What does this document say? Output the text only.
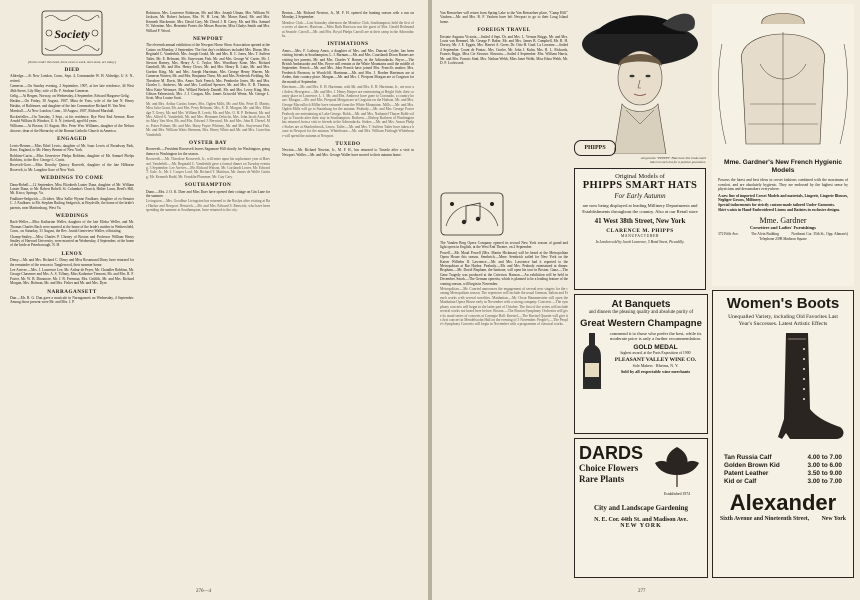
Society
[Notice under this head, these cases a week, mini-mum, are today.]
DIED
Aldredge.—At New London, Conn., Sept. 4, Commander W. H. Aldredge, U. S. N., retired.
Cameron.—On Sunday evening, 2 September, 1907, at her late residence, 44 West 46th Street, Lily May, wife of Dr. F. Seabran Cameron.
Gelig.—At Bergen, Norway, on Wednesday, 4 September, Edward Hargrave Gelig.
Haskin.—On Friday, 30 August, 1907, Mina de Yons, wife of the late N. Henry Haskin, of Baltimore, and daughter of the late Commodore Richard H. Van Nest.
Marshall.—At New London, Conn., 30 August, 1907, Richard Marshall.
Rockerfeller.—On Tuesday, 3 Sept., at his residence, Rye West End Avenue, Rose Arnold Wilkins & Windsor, U. S. N. (retired), aged 64 years.
Williams.—At Boston, 31 August, Mrs. Peter Wm. Williams, daughter of the Nelson diocese, dean of the Hierarchy of the Roman Catholic Church in America.
ENGAGED
Lewis-Benner.—Miss Ethel Lewis, daughter of Mr. Isaac Lewis of Broadway Park, Kent, England, to Mr. Henry Benner of New York.
Robbins-Curtis.—Miss Genevieve Phelps Robbins, daughter of Mr. Samuel Phelps Robbins, to the Rev. George L. Curtis.
Rosevelt-Gore.—Miss Dorothy Quincy Rosevelt, daughter of the late Hilborne Rosevelt, to Mr. Langdon Gore of New York.
WEDDINGS TO COME
Dana-Bobell.—12 September, Miss Elizabeth Lanier Dana, daughter of Mr. William Lanier Dana, to Mr. Robert Bobell, St. Columba's Church, Hither Lawn, Reed's Hill, Mt. Kisco, Springs, Va.
Faulkner-Sedgwick.—October, Miss Sallie Wynne Faulkner, daughter of ex-Senator C. J. Faulkner, to Mr. Stephen Rutling Sedgwick, at Boydville, the home of the bride's parents, near Martinsburg, West Va.
WEDDINGS
Bach-Weller.—Miss Katharine Weller, daughter of the late Elisha Weller, and Mr. Thomas Charles Bach were married at the home of the bride's mother in Wethersfield, Conn., on Saturday, 31 August, the Rev. Josiah Genevieve Waller, officiating.
Champ-Smiley.—Miss Charles P. Cheney of Boston and Professor William Henry Smiley of Harvard University, were married on Wednesday, 4 September, at the home of the bride at Peterborough, N. H.
LENOX
Dinsy.—Mr. and Mrs. Richard C. Dinsy and Miss Rosamund Dinsy have returned for the remainder of the season to Tanglewood, their summer home.
Lee Arriver.—Mrs. J. Lawrence Lee, Mr. Arthur de Peyer, Mr. Chandler Robbins, Mr. George Chasemer and Mrs. A. S. Tiffany, Miss Katherine Tiemont, Mr. and Mrs. R. F. Foster, Mr. W. B. Dinsmore, Mr. J. B. Freeman, Mrs. Griffith, Mr. and Mrs. Richard Morgan, Mrs. Hofman, Mr. and Mrs. Fisher and Mr. and Mrs. Dyer.
NARRAGANSETT
Dun.—Mr. R. G. Dun gave a musicale in Narragansett on Wednesday, 4 September. Among those present were Mr. and Mrs. J. P.
Robinson, Mrs. Lawrence Robinson, Mr. and Mrs. Joseph Ulman, Mrs. William W. Jackson, Mr. Robert Jackson, Mrs. W. H. Lent, Mr. Moses Rand, Mr. and Mrs. Kenneth Mackenzie, Mrs. David Cary, Mr. David J. B. Carey, Mr. and Mrs. Samuel N. Valentine, Mrs. Henriette Porter, the Misses Bouvier, Miss Gladys Smith and Mrs. Willard F. Wood.
NEWPORT
The eleventh annual exhibition of the Newport Horse Show Association opened at the Casino on Monday, 2 September. The first day's exhibitors included Mrs. Dinan, Mrs. Reginald C. Vanderbilt, Mrs. Joseph Gould, Mr. and Mrs. R. C. Jones, Mrs. T. Suffern Tailer, Mr. E. Belmont, Mr. Stuyvesant Fish, Mr. and Mrs. George W. Carter, Mr. J. Stewart Barney, Mrs. Henry A. C. Taylor, Mrs. Woodbury Kane, Mrs. Richard Gambrill, Mr. and Mrs. Henry Clews, Mr. and Mrs. Henry R. Luke, Mr. and Mrs. Gordon King, Mr. and Mrs. Joseph Harriman, Mrs. George Henry Warren, Mr. Cameron Warren, Mr. and Mrs. Benjamin Thaw, Mr. and Mrs. Frederick Fielding, Mr. Theodore M. Davis, Mrs. Amos Tuck French, Mrs. Pembroke Jones, Mr. and Mrs. Charles L. Andrews, Mr. and Mrs. Lorillard Spencer, Mr. and Mrs. E. R. Thomas, Miss Katie Wetmore, Mrs. Willard Berkely Daniell, Mr. and Mrs. Leroy King, Mrs. Gibson Fahnestock, Mrs. J. J. Coogan, Mrs. James Griswold Wentz, Mr. George L. Scott, Miss Louise Scott.
Mr. and Mrs. Arthur Curtiss James, Mrs. Ogden Mills, Mr. and Mrs. Peter D. Martin, Miss Julia Grant, Mr. and Mrs. Perry Belmont, Mrs. E. D. Morgan, Mr. and Mrs. Elbridge T. Gerry, Mr. and Mrs. William B. Leeds, Mr. and Mrs. O. H. P. Belmont, Mr. and Mrs. Alfred G. Vanderbilt, Mr. and Mrs. Hermann Oelrichs, Mrs. John Jacob Astor, Miss Mary Van Alen, Mr. and Mrs. Edward J. Berwind, Mr. and Mrs. John R. Drexel, Mrs. Potter Palmer, Mr. and Mrs. Harry Payne Whitney, Mr. and Mrs. Stuyvesant Fish, Mr. and Mrs. William Watts Sherman, Mrs. Henry White and Mr. and Mrs. Cornelius Vanderbilt.
OYSTER BAY
Roosevelt.—President Roosevelt leaves Sagamore Hill shortly for Washington, going thence to Washington for the season.
Roosevelt.—Mr. Theodore Roosevelt, Jr., will enter upon his sophomore year at Harvard. Vanderbilt.—Mr. Reginald C. Vanderbilt gave a formal dinner on Tuesday evening, 3 September. Lee Arriver.—Mr. Richard Watson, Mr. Cortlandt Lower, Mr. Edward T. Gale, Jr., Mr. J. Cooper Lord, Mr. Richard T. Mattison, Mr. James de Wolfe Cutting, Mr. Kenneth Budd, Mr. Franklin Plummer, Mr. Guy Cary.
SOUTHAMPTON
Dunn.—Mrs. J. O. K. Duer and Miss Duer have opened their cottage on Gin Lane for the summer.
Livingston.—Mrs. Goodhue Livingston has returned to the Roslyn after visiting at Bar Harbor and Newport. Renwick.—Mr. and Mrs. Edward S. Renwick, who have been spending the summer at Southampton, have returned to the city.
Benton.—Mr. Richard Newton, Jr., M. F. H. opened the hunting season with a run on Monday, 2 September.
Meadow Club.—Last Saturday afternoon the Meadow Club, Southampton, held the first of a series of dances. Harrison.—Miss Ruth Harrison was the guest of Mrs. Gerald Redmond at Seaside. Carroll.—Mr. and Mrs. Royal Phelps Carroll are at their camp in the Adirondacks.
INTIMATIONS
Amos.—Mrs. F. Lothrop Amos, a daughter of Mrs. and Mrs. Duncan Cryder, has been visiting friends in Southampton, L. I. Barnum.—Mr. and Mrs. Courtlandt Dixon Barnes are visiting her parents, Mr. and Mrs. Charles Y. Barney, in the Adirondacks. Bryce.—The British Ambassador and Mrs. Bryce will remain at the White Mountains until the middle of September. French.—Mr. and Mrs. John French have joined Mrs. French's mother, Mrs. Frederick Bronson, in Woodcliff. Harriman.—Mr. and Mrs. J. Borden Harriman are at Arden, their country place. Morgan.—Mr. and Mrs. J. Pierpont Morgan are at Cragston for the month of September.
Harriman.—Mr. and Mrs. E. H. Harriman, with Mr. and Mrs. E. H. Harriman, Jr., are now at Arden. Hesegrave.—Mr. and Mrs. J. Henry Harper are entertaining at Bright Side, their country place in Lawrence, L. I. Mr. and Mrs. Ambrose have gone to Coronado, a country house. Morgan.—Mr. and Mrs. Pierpont Morgan are at Cragston on the Hudson. Mr. and Mrs. George Macculloch Miller have returned from the White Mountains. Mills.—Mr. and Mrs. Ogden Mills will go to Staatsburg for the autumn. Peabody.—Mr. and Mrs. George Foster Peabody are entertaining at Lake George. Robb.—Mr. and Mrs. Nathaniel Thayer Robb will go to Tuxedo after their stay in Southampton. Ruthven.—Bishop Ruthven of Washington has returned from a visit to friends in the Adirondacks. Stokes.—Mr. and Mrs. Anson Phelps Stokes are at Shadowbrook, Lenox. Tailer.—Mr. and Mrs. T. Suffern Tailer have taken a house in Newport for the autumn. Whitehouse.—Mr. and Mrs. William Fitzhugh Whitehouse will spend the autumn at Newport.
TUXEDO
Newton.—Mr. Richard Newton, Jr., M. F. H., has returned to Tuxedo after a visit in Newport. Waller.—Mr. and Mrs. George Waller have moved to their autumn home.
276—4
Van Rensselaer will return from Spring Lake to the Van Rensselaer place, "Camp Hill." Vaulsen.—Mr. and Mrs. R. F. Vaulsen have left Newport to go to their Long Island home.
FOREIGN TRAVEL
Eristate Augusta Victoria.—Sailed 4 Sept. Dr. and Mrs. L. Vernon Briggs, Mr. and Mrs. Louis van Bemmel, Mr. George F. Baker, Mr. and Mrs. James B. Campbell, Mr. R. H. Dorsey, Mr. J. E. Eggett, Mrs. Harriet A. Greer, Dr. Otto H. Grad. La Lorraine.—Sailed 4 September. Count de Pontac, Mrs. Goeler, Mr. John J. Kuhn, Mrs. R. L. Richards, Francis Riggs, Miss Cie Sirosser. Slavonia.—Sailed 4 September. Mrs. William Harris, Mr. and Mrs. Francis Sind, Mrs. Nathan Webb, Miss Janet Webb, Miss Edna Webb, Mr. D. F. Lockwood.
The Vanden Berg Opera Company opened its second New York season of grand and light opera in English, at the West End Theatre, on 2 September.
Powell.—Mr. Maud Powell (Mrs. Martin Hickman) will be heard at the Metropolitan Opera House this season. Sembrich.—Mme. Sembrich sailed for New York on the Kaiser Wilhelm II. Lawrence.—Mr. and Mrs. Lawrence had it reported to the Metropolitan at Bar Harbor. Peabody.—Mr. and Mrs. Peabody entertained at dinner. Bispham.—Mr. David Bispham, the baritone, will open his tour in Boston. Ganz.—The Ganz Tragedy was produced at the Criterion. Hanson.—An exhibition will be held in December. Sarah.—The German operetta, which is planned to be a leading feature of the coming season, will begin in November.
Metropolitan.—Mr. Conried announces the engagement of several new singers for the coming Metropolitan season. The repertoire will include the usual German, Italian and French works with several novelties. Manhattan.—Mr. Oscar Hammerstein will open the Manhattan Opera House early in November with a strong company. Concerts.—The symphony concerts will begin in the latter part of October. The first of the series will include several works not heard here before. Boston.—The Boston Symphony Orchestra will give its usual series of concerts at Carnegie Hall. Kneisel.—The Kneisel Quartet will give its first concert in Mendelssohn Hall on the evening of 5 November. People's.—The People's Symphony Concerts will begin in November with a programme of classical works.
All genuine "PHIPPS" Hats have this trade-mark label on each hat for a positive guarantee.
PHIPPS
Original Models of
PHIPPS SMART HATS
For Early Autumn
are now being displayed at leading Millinery Departments and Establishments throughout the country. Also at our Retail store
41 West 38th Street, New York
CLARENCE M. PHIPPS
MANUFACTURER
In London sold by Jacob Lawrence, 5 Bond Street, Piccadilly.
Mme. Gardner's New French Hygienic Models
Possess the latest and best ideas in corset fashions combined with the maximum of comfort, and are absolutely hygienic. They are endorsed by the highest sense by physicians and dressmakers everywhere.
A new line of imported Corset Models and materials, Lingerie, Lingerie Blouses, Negligee Gowns, Millinery.
Special inducements for strictly custom-made tailored Under-Garments.
Skirt waists in Hand-Embroidered Linens and Batistes in exclusive designs.
Mme. Gardner
Corsetiere and Ladies' Furnishings
372 Fifth Ave.	The Alvin Building	Northeast Cor. 35th St., Opp. Altman's)
Telephone 2398 Madison Square
At Banquets
and dinners the pleasing quality and absolute purity of
Great Western Champagne
commend it to those who prefer the best, while its moderate price is only a further recommendation.
GOLD MEDAL
highest award, at the Paris Exposition of 1900
PLEASANT VALLEY WINE CO.
Sole Makers · Rheims, N. Y.
Sold by all respectable wine merchants
Women's Boots
Unequalled Variety, including Old Favorites Last Year's Successes. Latest Artistic Effects
Tan Russia Calf	4.00 to 7.00
Golden Brown Kid	3.00 to 6.00
Patent Leather	3.50 to 9.00
Kid or Calf	3.00 to 7.00
Alexander
Sixth Avenue and Nineteenth Street, New York
DARDS
Choice Flowers
Rare Plants
Established 1874
City and Landscape Gardening
N. E. Cor. 44th St. and Madison Ave.
NEW YORK
277
